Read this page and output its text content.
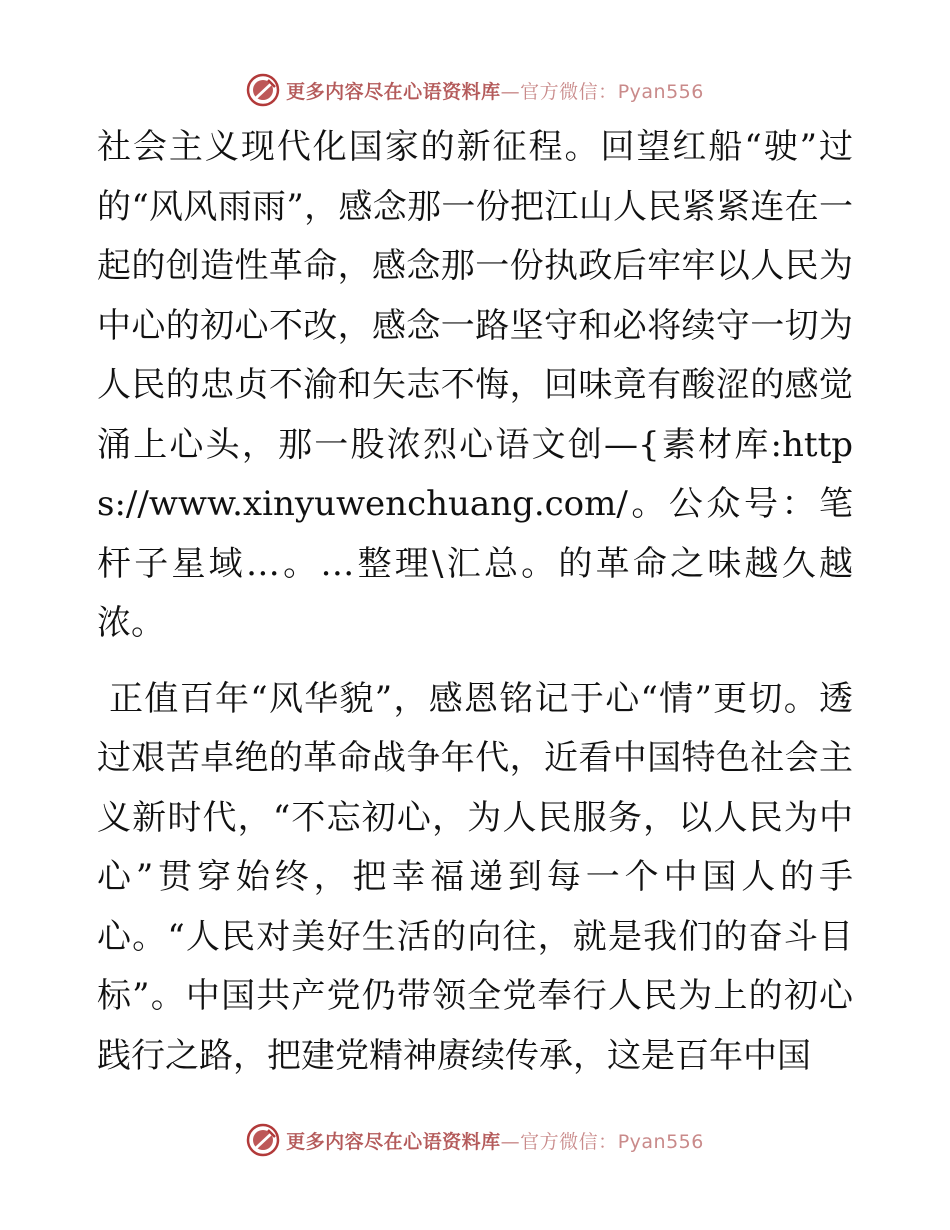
更多内容尽在心语资料库—官方微信：Pyan556

社会主义现代化国家的新征程。回望红船“驶”过的“风风雨雨”，感念那一份把江山人民紧紧连在一起的创造性革命，感念那一份执政后牢牢以人民为中心的初心不改，感念一路坚守和必将续守一切为人民的忠贞不渝和矢志不悔，回味竟有酸涩的感觉涌上心头，那一股浓烈心语文创—{素材库:https://www.xinyuwenchuang.com/。公众号：笔杆子星域…。…整理\汇总。的革命之味越久越浓。

正值百年“风华貌”，感恩铭记于心“情”更切。透过艰苦卓绝的革命战争年代，近看中国特色社会主义新时代，“不忘初心，为人民服务，以人民为中心”贯穿始终，把幸福递到每一个中国人的手心。“人民对美好生活的向往，就是我们的奋斗目标”。中国共产党仍带领全党奉行人民为上的初心践行之路，把建党精神赓续传承，这是百年中国

更多内容尽在心语资料库—官方微信：Pyan556
